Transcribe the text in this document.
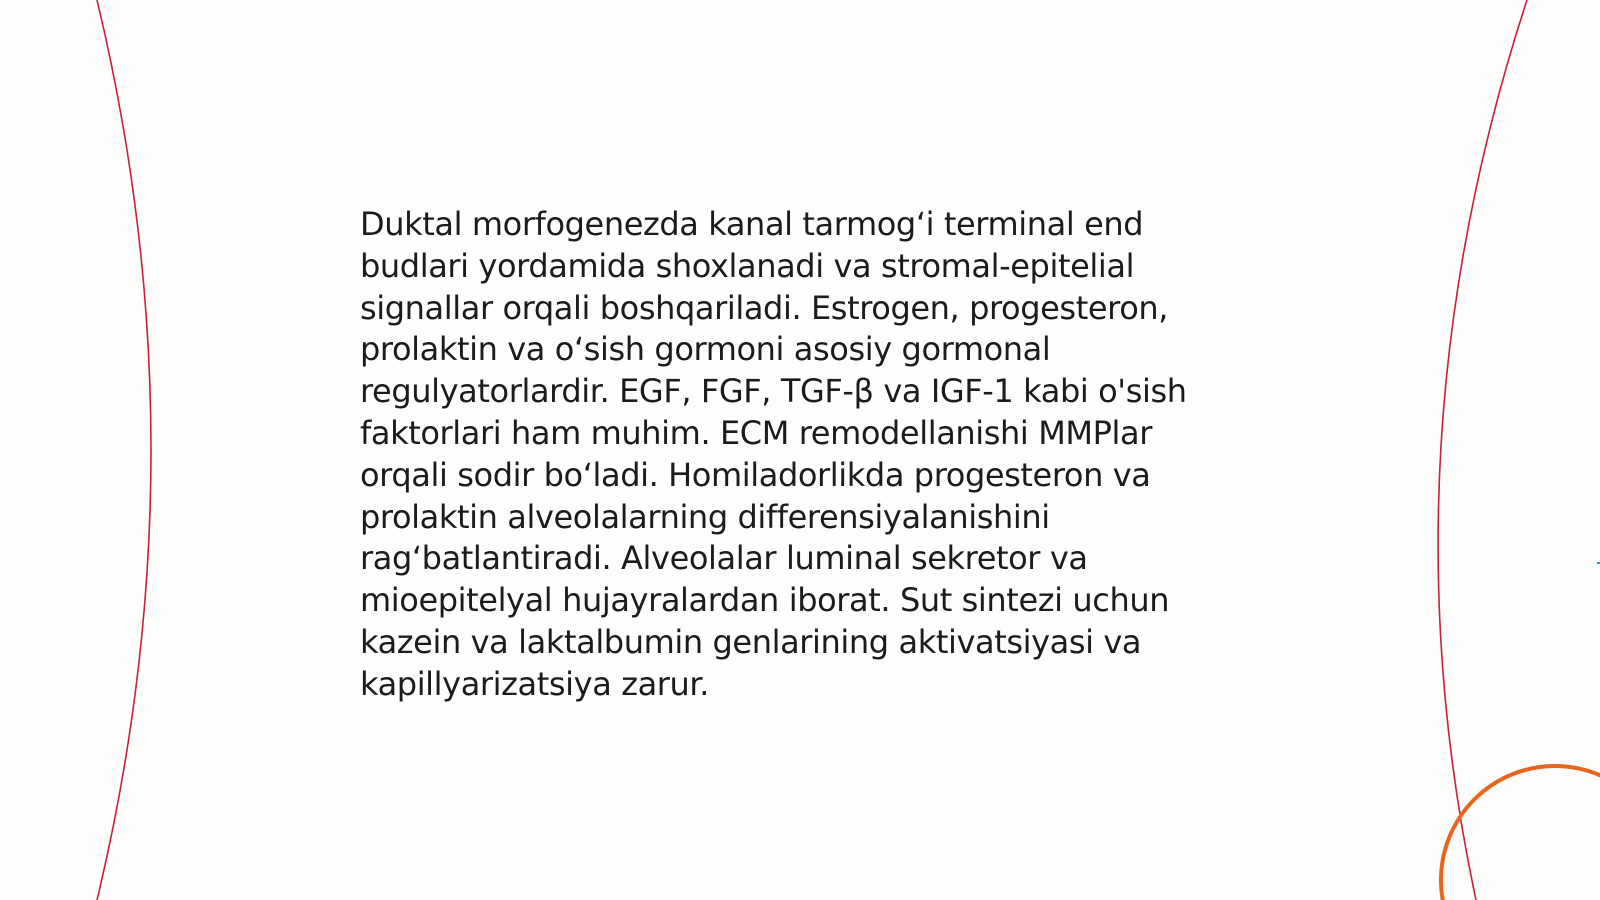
Duktal morfogenezda kanal tarmog‘i terminal end
budlari yordamida shoxlanadi va stromal-epitelial
signallar orqali boshqariladi. Estrogen, progesteron,
prolaktin va o‘sish gormoni asosiy gormonal
regulyatorlardir. EGF, FGF, TGF-β va IGF-1 kabi o'sish
faktorlari ham muhim. ECM remodellanishi MMPlar
orqali sodir bo‘ladi. Homiladorlikda progesteron va
prolaktin alveolalarning differensiyalanishini
rag‘batlantiradi. Alveolalar luminal sekretor va
mioepitelyal hujayralardan iborat. Sut sintezi uchun
kazein va laktalbumin genlarining aktivatsiyasi va
kapillyarizatsiya zarur.
